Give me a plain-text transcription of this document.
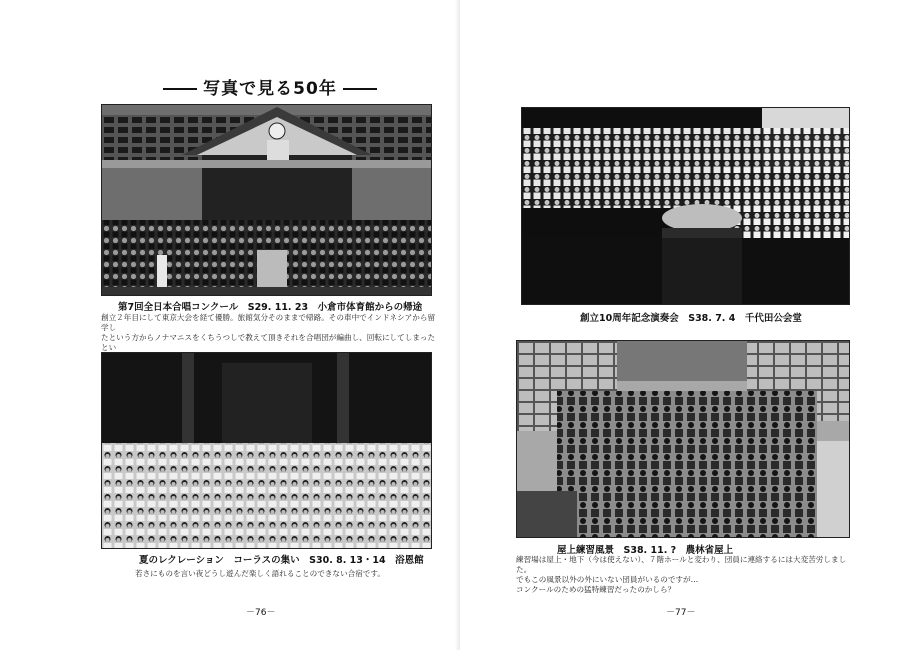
写真で見る50年
第7回全日本合唱コンクール　S29. 11. 23　小倉市体育館からの帰途
創立２年目にして東京大会を経て優勝。旅館気分そのままで帰路。その車中でインドネシアから留学し
たという方からノナマニスをくちうつしで教えて頂きそれを合唱団が編曲し、回転にしてしまったとい
夏のレクレーション　コーラスの集い　S30. 8. 13・14　浴恩館
若さにものを言い夜どうし遊んだ楽しく語れることのできない合宿です。
－76－
創立10周年記念演奏会　S38. 7. 4　千代田公会堂
屋上練習風景　S38. 11. ?　農林省屋上
練習場は屋上・地下（今は使えない）、７階ホールと変わり、団員に連絡するには大変苦労しました。
でもこの風景以外の外にいない団員がいるのですが…
コンクールのための猛特練習だったのかしら？
－77－
